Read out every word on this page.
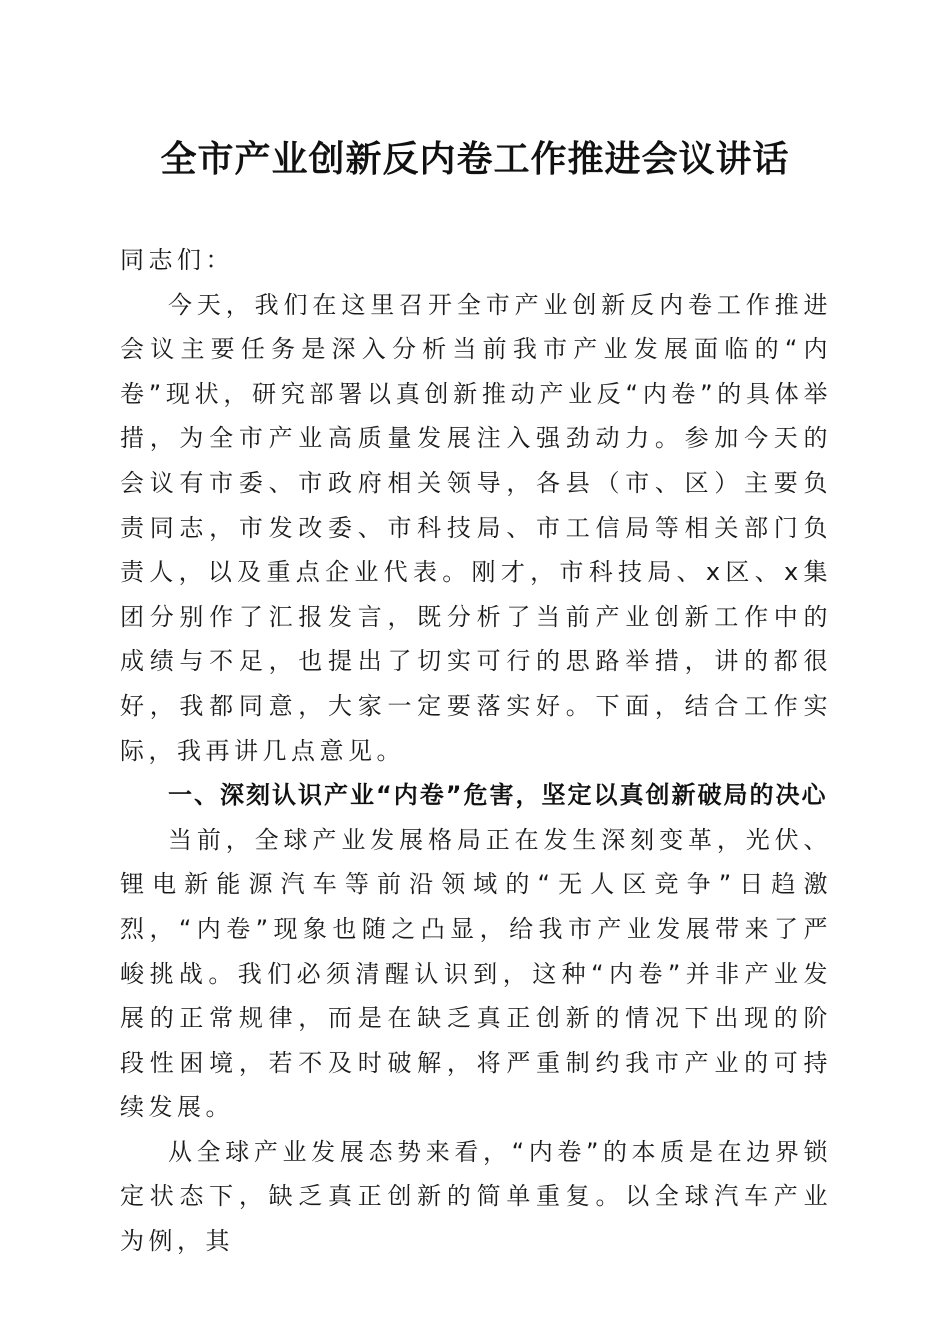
全市产业创新反内卷工作推进会议讲话

同志们：

今天，我们在这里召开全市产业创新反内卷工作推进会议主要任务是深入分析当前我市产业发展面临的“内卷”现状，研究部署以真创新推动产业反“内卷”的具体举措，为全市产业高质量发展注入强劲动力。参加今天的会议有市委、市政府相关领导，各县（市、区）主要负责同志，市发改委、市科技局、市工信局等相关部门负责人，以及重点企业代表。刚才，市科技局、x区、x集团分别作了汇报发言，既分析了当前产业创新工作中的成绩与不足，也提出了切实可行的思路举措，讲的都很好，我都同意，大家一定要落实好。下面，结合工作实际，我再讲几点意见。

一、深刻认识产业“内卷”危害，坚定以真创新破局的决心

当前，全球产业发展格局正在发生深刻变革，光伏、锂电新能源汽车等前沿领域的“无人区竞争”日趋激烈，“内卷”现象也随之凸显，给我市产业发展带来了严峻挑战。我们必须清醒认识到，这种“内卷”并非产业发展的正常规律，而是在缺乏真正创新的情况下出现的阶段性困境，若不及时破解，将严重制约我市产业的可持续发展。

从全球产业发展态势来看，“内卷”的本质是在边界锁定状态下，缺乏真正创新的简单重复。以全球汽车产业为例，其
